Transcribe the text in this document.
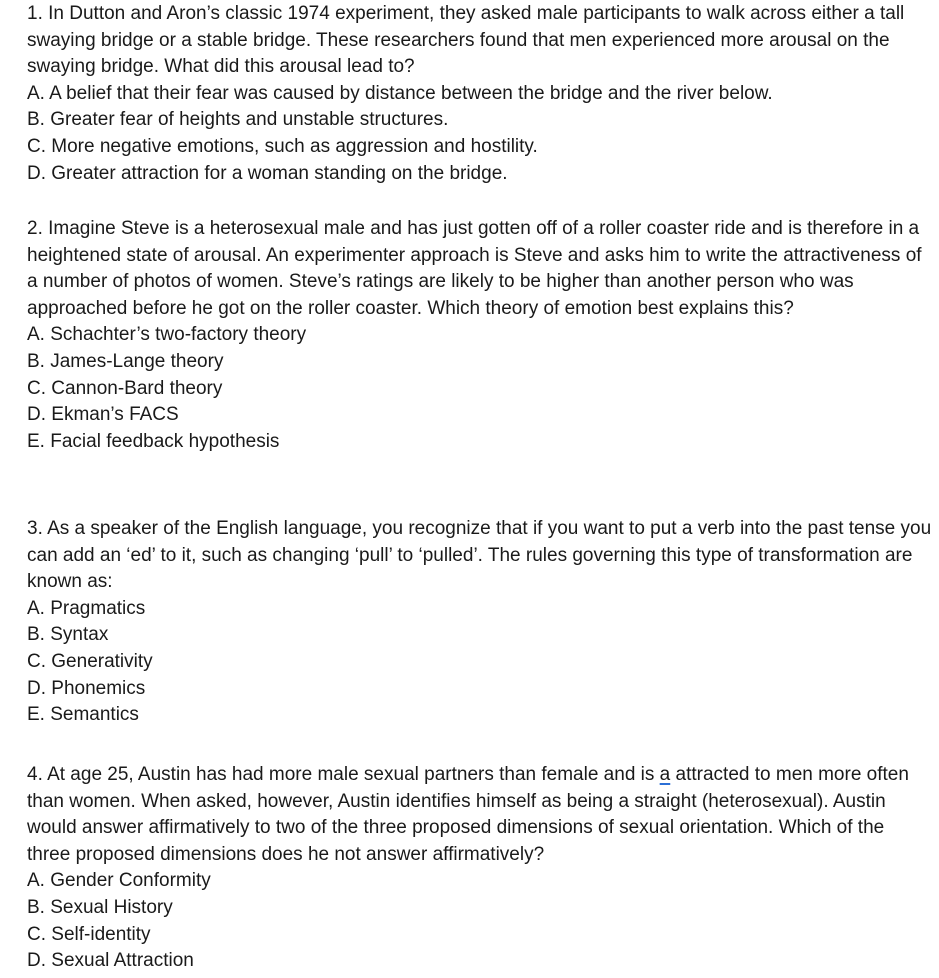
1. In Dutton and Aron’s classic 1974 experiment, they asked male participants to walk across either a tall swaying bridge or a stable bridge. These researchers found that men experienced more arousal on the swaying bridge. What did this arousal lead to?

A. A belief that their fear was caused by distance between the bridge and the river below.

B. Greater fear of heights and unstable structures.

C. More negative emotions, such as aggression and hostility.

D. Greater attraction for a woman standing on the bridge.

2. Imagine Steve is a heterosexual male and has just gotten off of a roller coaster ride and is therefore in a heightened state of arousal. An experimenter approach is Steve and asks him to write the attractiveness of a number of photos of women. Steve’s ratings are likely to be higher than another person who was approached before he got on the roller coaster. Which theory of emotion best explains this?

A. Schachter’s two-factory theory

B. James-Lange theory

C. Cannon-Bard theory

D. Ekman’s FACS

E. Facial feedback hypothesis

3. As a speaker of the English language, you recognize that if you want to put a verb into the past tense you can add an ‘ed’ to it, such as changing ‘pull’ to ‘pulled’. The rules governing this type of transformation are known as:

A. Pragmatics

B. Syntax

C. Generativity

D. Phonemics

E. Semantics

4. At age 25, Austin has had more male sexual partners than female and is a attracted to men more often than women. When asked, however, Austin identifies himself as being a straight (heterosexual). Austin would answer affirmatively to two of the three proposed dimensions of sexual orientation. Which of the three proposed dimensions does he not answer affirmatively?

A. Gender Conformity

B. Sexual History

C. Self-identity

D. Sexual Attraction
